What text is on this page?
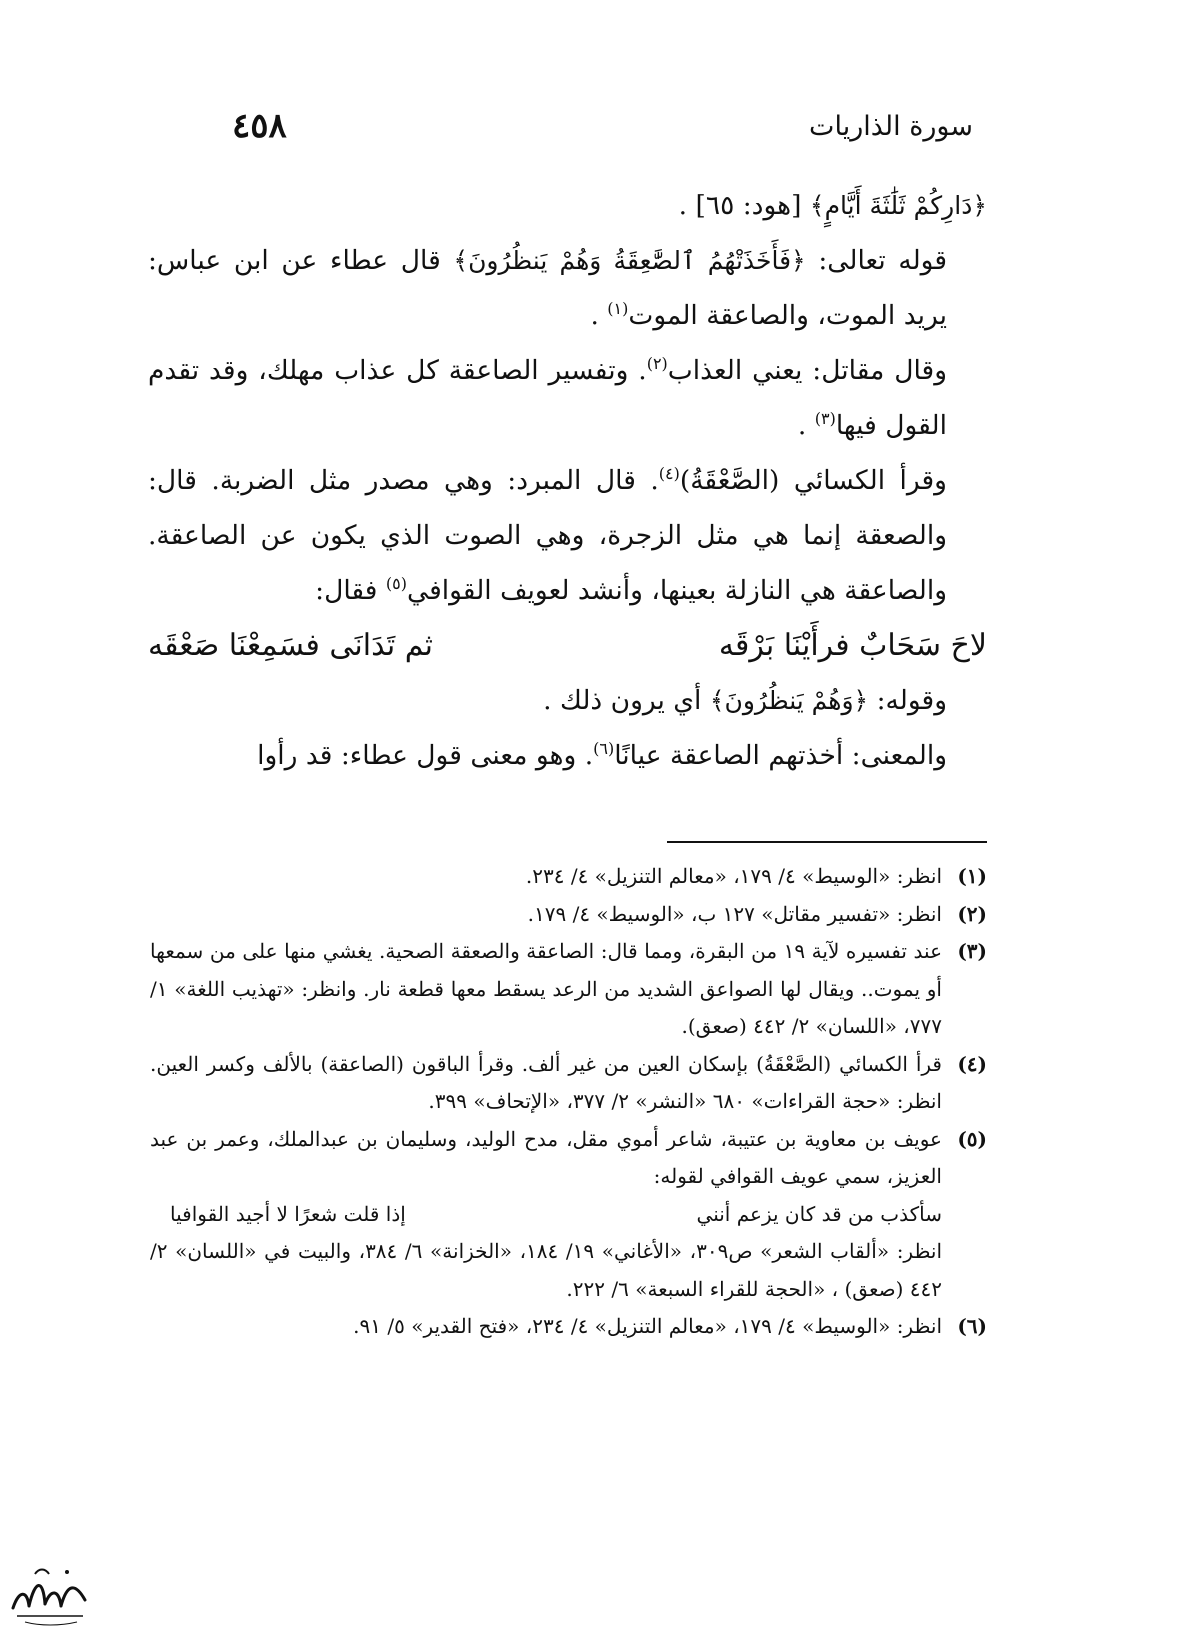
سورة الذاريات
٤٥٨

﴿دَارِكُمْ ثَلَٰثَةَ أَيَّامٍ﴾ [هود: ٦٥] .

قوله تعالى: ﴿فَأَخَذَتْهُمُ ٱلصَّٰعِقَةُ وَهُمْ يَنظُرُونَ﴾ قال عطاء عن ابن عباس: يريد الموت، والصاعقة الموت$^{(١)}$ .

وقال مقاتل: يعني العذاب$^{(٢)}$. وتفسير الصاعقة كل عذاب مهلك، وقد تقدم القول فيها$^{(٣)}$ .

وقرأ الكسائي (الصَّعْقَةُ)$^{(٤)}$. قال المبرد: وهي مصدر مثل الضربة. قال: والصعقة إنما هي مثل الزجرة، وهي الصوت الذي يكون عن الصاعقة. والصاعقة هي النازلة بعينها، وأنشد لعويف القوافي$^{(٥)}$ فقال:

لاحَ سَحَابٌ فرأَيْنَا بَرْقَه
ثم تَدَانَى فسَمِعْنَا صَعْقَه

وقوله: ﴿وَهُمْ يَنظُرُونَ﴾ أي يرون ذلك .

والمعنى: أخذتهم الصاعقة عيانًا$^{(٦)}$. وهو معنى قول عطاء: قد رأوا

(١)
انظر: «الوسيط» ٤/ ١٧٩، «معالم التنزيل» ٤/ ٢٣٤.
(٢)
انظر: «تفسير مقاتل» ١٢٧ ب، «الوسيط» ٤/ ١٧٩.
(٣)
عند تفسيره لآية ١٩ من البقرة، ومما قال: الصاعقة والصعقة الصحية. يغشي منها على من سمعها أو يموت.. ويقال لها الصواعق الشديد من الرعد يسقط معها قطعة نار. وانظر: «تهذيب اللغة» ١/ ٧٧٧، «اللسان» ٢/ ٤٤٢ (صعق).
(٤)
قرأ الكسائي (الصَّعْقَةُ) بإسكان العين من غير ألف. وقرأ الباقون (الصاعقة) بالألف وكسر العين. انظر: «حجة القراءات» ٦٨٠ «النشر» ٢/ ٣٧٧، «الإتحاف» ٣٩٩.
(٥)
عويف بن معاوية بن عتيبة، شاعر أموي مقل، مدح الوليد، وسليمان بن عبدالملك، وعمر بن عبد العزيز، سمي عويف القوافي لقوله:
سأكذب من قد كان يزعم أنني
إذا قلت شعرًا لا أجيد القوافيا
انظر: «ألقاب الشعر» ص٣٠٩، «الأغاني» ١٩/ ١٨٤، «الخزانة» ٦/ ٣٨٤، والبيت في «اللسان» ٢/ ٤٤٢ (صعق) ، «الحجة للقراء السبعة» ٦/ ٢٢٢.
(٦)
انظر: «الوسيط» ٤/ ١٧٩، «معالم التنزيل» ٤/ ٢٣٤، «فتح القدير» ٥/ ٩١.
